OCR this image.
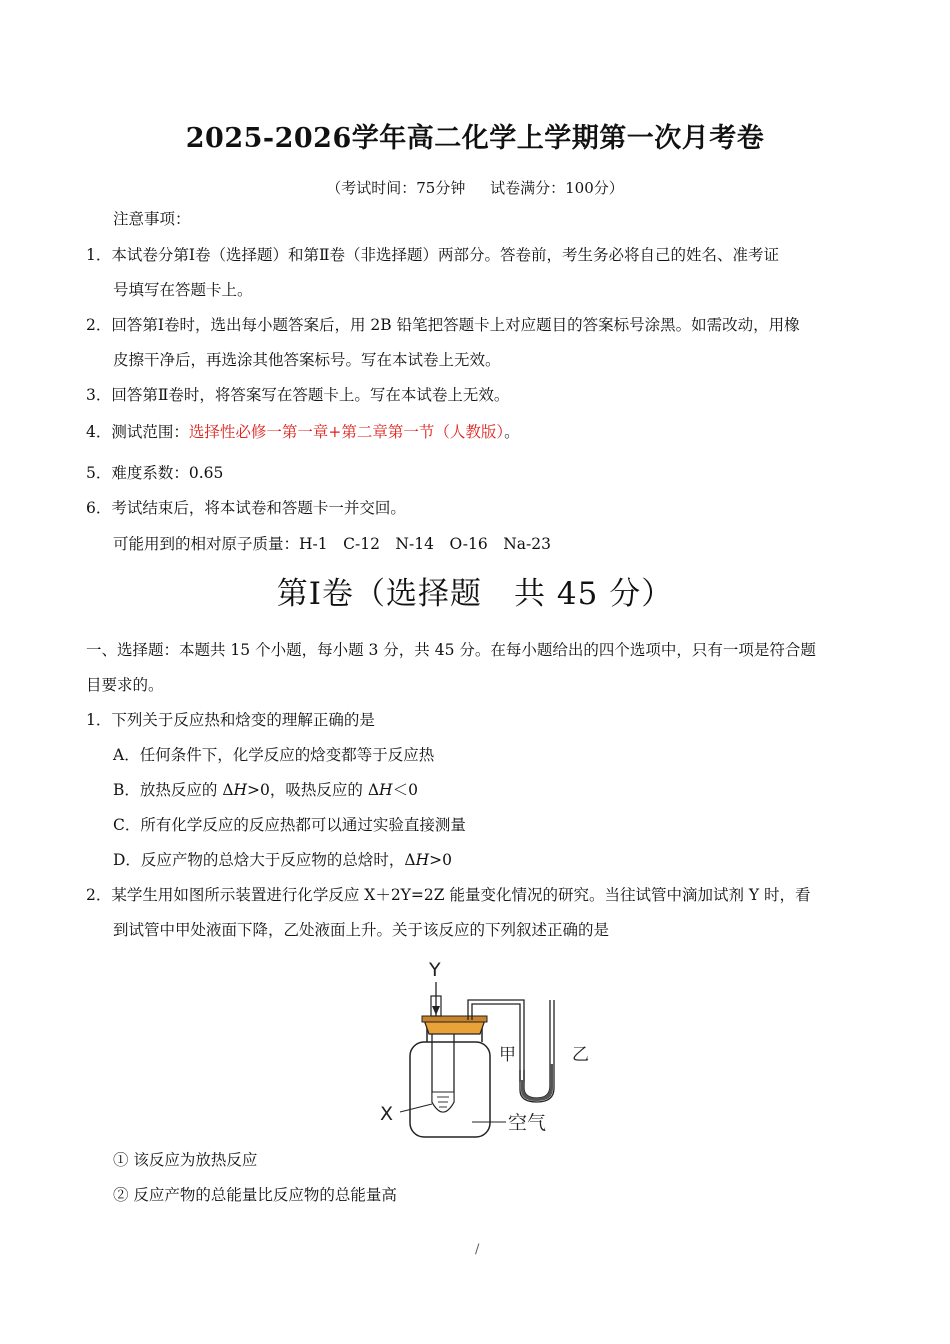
2025-2026学年高二化学上学期第一次月考卷
（考试时间：75分钟 试卷满分：100分）
注意事项：
1．本试卷分第Ⅰ卷（选择题）和第Ⅱ卷（非选择题）两部分。答卷前，考生务必将自己的姓名、准考证
号填写在答题卡上。
2．回答第Ⅰ卷时，选出每小题答案后，用 2B 铅笔把答题卡上对应题目的答案标号涂黑。如需改动，用橡
皮擦干净后，再选涂其他答案标号。写在本试卷上无效。
3．回答第Ⅱ卷时，将答案写在答题卡上。写在本试卷上无效。
4．测试范围：选择性必修一第一章+第二章第一节（人教版）。
5．难度系数：0.65
6．考试结束后，将本试卷和答题卡一并交回。
可能用到的相对原子质量：H-1　C-12　N-14　O-16　Na-23
第Ⅰ卷（选择题　共 45 分）
一、选择题：本题共 15 个小题，每小题 3 分，共 45 分。在每小题给出的四个选项中，只有一项是符合题
目要求的。
1．下列关于反应热和焓变的理解正确的是
A．任何条件下，化学反应的焓变都等于反应热
B．放热反应的 ΔH>0，吸热反应的 ΔH＜0
C．所有化学反应的反应热都可以通过实验直接测量
D．反应产物的总焓大于反应物的总焓时，ΔH>0
2．某学生用如图所示装置进行化学反应 X＋2Y=2Z 能量变化情况的研究。当往试管中滴加试剂 Y 时，看
到试管中甲处液面下降，乙处液面上升。关于该反应的下列叙述正确的是
Y
X
甲	乙
空气
① 该反应为放热反应
② 反应产物的总能量比反应物的总能量高
/
